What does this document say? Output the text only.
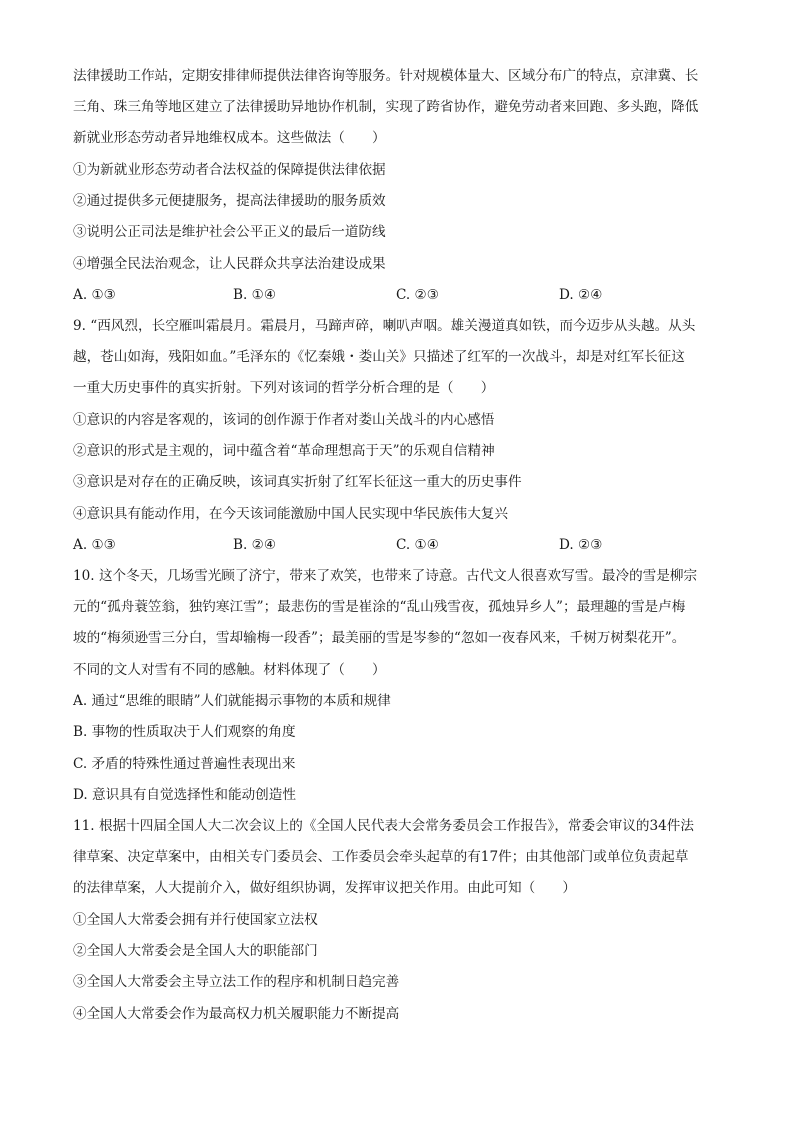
法律援助工作站，定期安排律师提供法律咨询等服务。针对规模体量大、区域分布广的特点，京津冀、长
三角、珠三角等地区建立了法律援助异地协作机制，实现了跨省协作，避免劳动者来回跑、多头跑，降低
新就业形态劳动者异地维权成本。这些做法（　　）
①为新就业形态劳动者合法权益的保障提供法律依据
②通过提供多元便捷服务，提高法律援助的服务质效
③说明公正司法是维护社会公平正义的最后一道防线
④增强全民法治观念，让人民群众共享法治建设成果
A. ①③	B. ①④	C. ②③	D. ②④
9. “西风烈，长空雁叫霜晨月。霜晨月，马蹄声碎，喇叭声咽。雄关漫道真如铁，而今迈步从头越。从头
越，苍山如海，残阳如血。”毛泽东的《忆秦娥・娄山关》只描述了红军的一次战斗，却是对红军长征这
一重大历史事件的真实折射。下列对该词的哲学分析合理的是（　　）
①意识的内容是客观的，该词的创作源于作者对娄山关战斗的内心感悟
②意识的形式是主观的，词中蕴含着“革命理想高于天”的乐观自信精神
③意识是对存在的正确反映，该词真实折射了红军长征这一重大的历史事件
④意识具有能动作用，在今天该词能激励中国人民实现中华民族伟大复兴
A. ①③	B. ②④	C. ①④	D. ②③
10. 这个冬天，几场雪光顾了济宁，带来了欢笑，也带来了诗意。古代文人很喜欢写雪。最冷的雪是柳宗
元的“孤舟蓑笠翁，独钓寒江雪”；最悲伤的雪是崔涂的“乱山残雪夜，孤烛异乡人”；最理趣的雪是卢梅
坡的“梅须逊雪三分白，雪却输梅一段香”；最美丽的雪是岑参的“忽如一夜春风来，千树万树梨花开”。
不同的文人对雪有不同的感触。材料体现了（　　）
A. 通过“思维的眼睛”人们就能揭示事物的本质和规律
B. 事物的性质取决于人们观察的角度
C. 矛盾的特殊性通过普遍性表现出来
D. 意识具有自觉选择性和能动创造性
11. 根据十四届全国人大二次会议上的《全国人民代表大会常务委员会工作报告》，常委会审议的34件法
律草案、决定草案中，由相关专门委员会、工作委员会牵头起草的有17件；由其他部门或单位负责起草
的法律草案，人大提前介入，做好组织协调，发挥审议把关作用。由此可知（　　）
①全国人大常委会拥有并行使国家立法权
②全国人大常委会是全国人大的职能部门
③全国人大常委会主导立法工作的程序和机制日趋完善
④全国人大常委会作为最高权力机关履职能力不断提高
